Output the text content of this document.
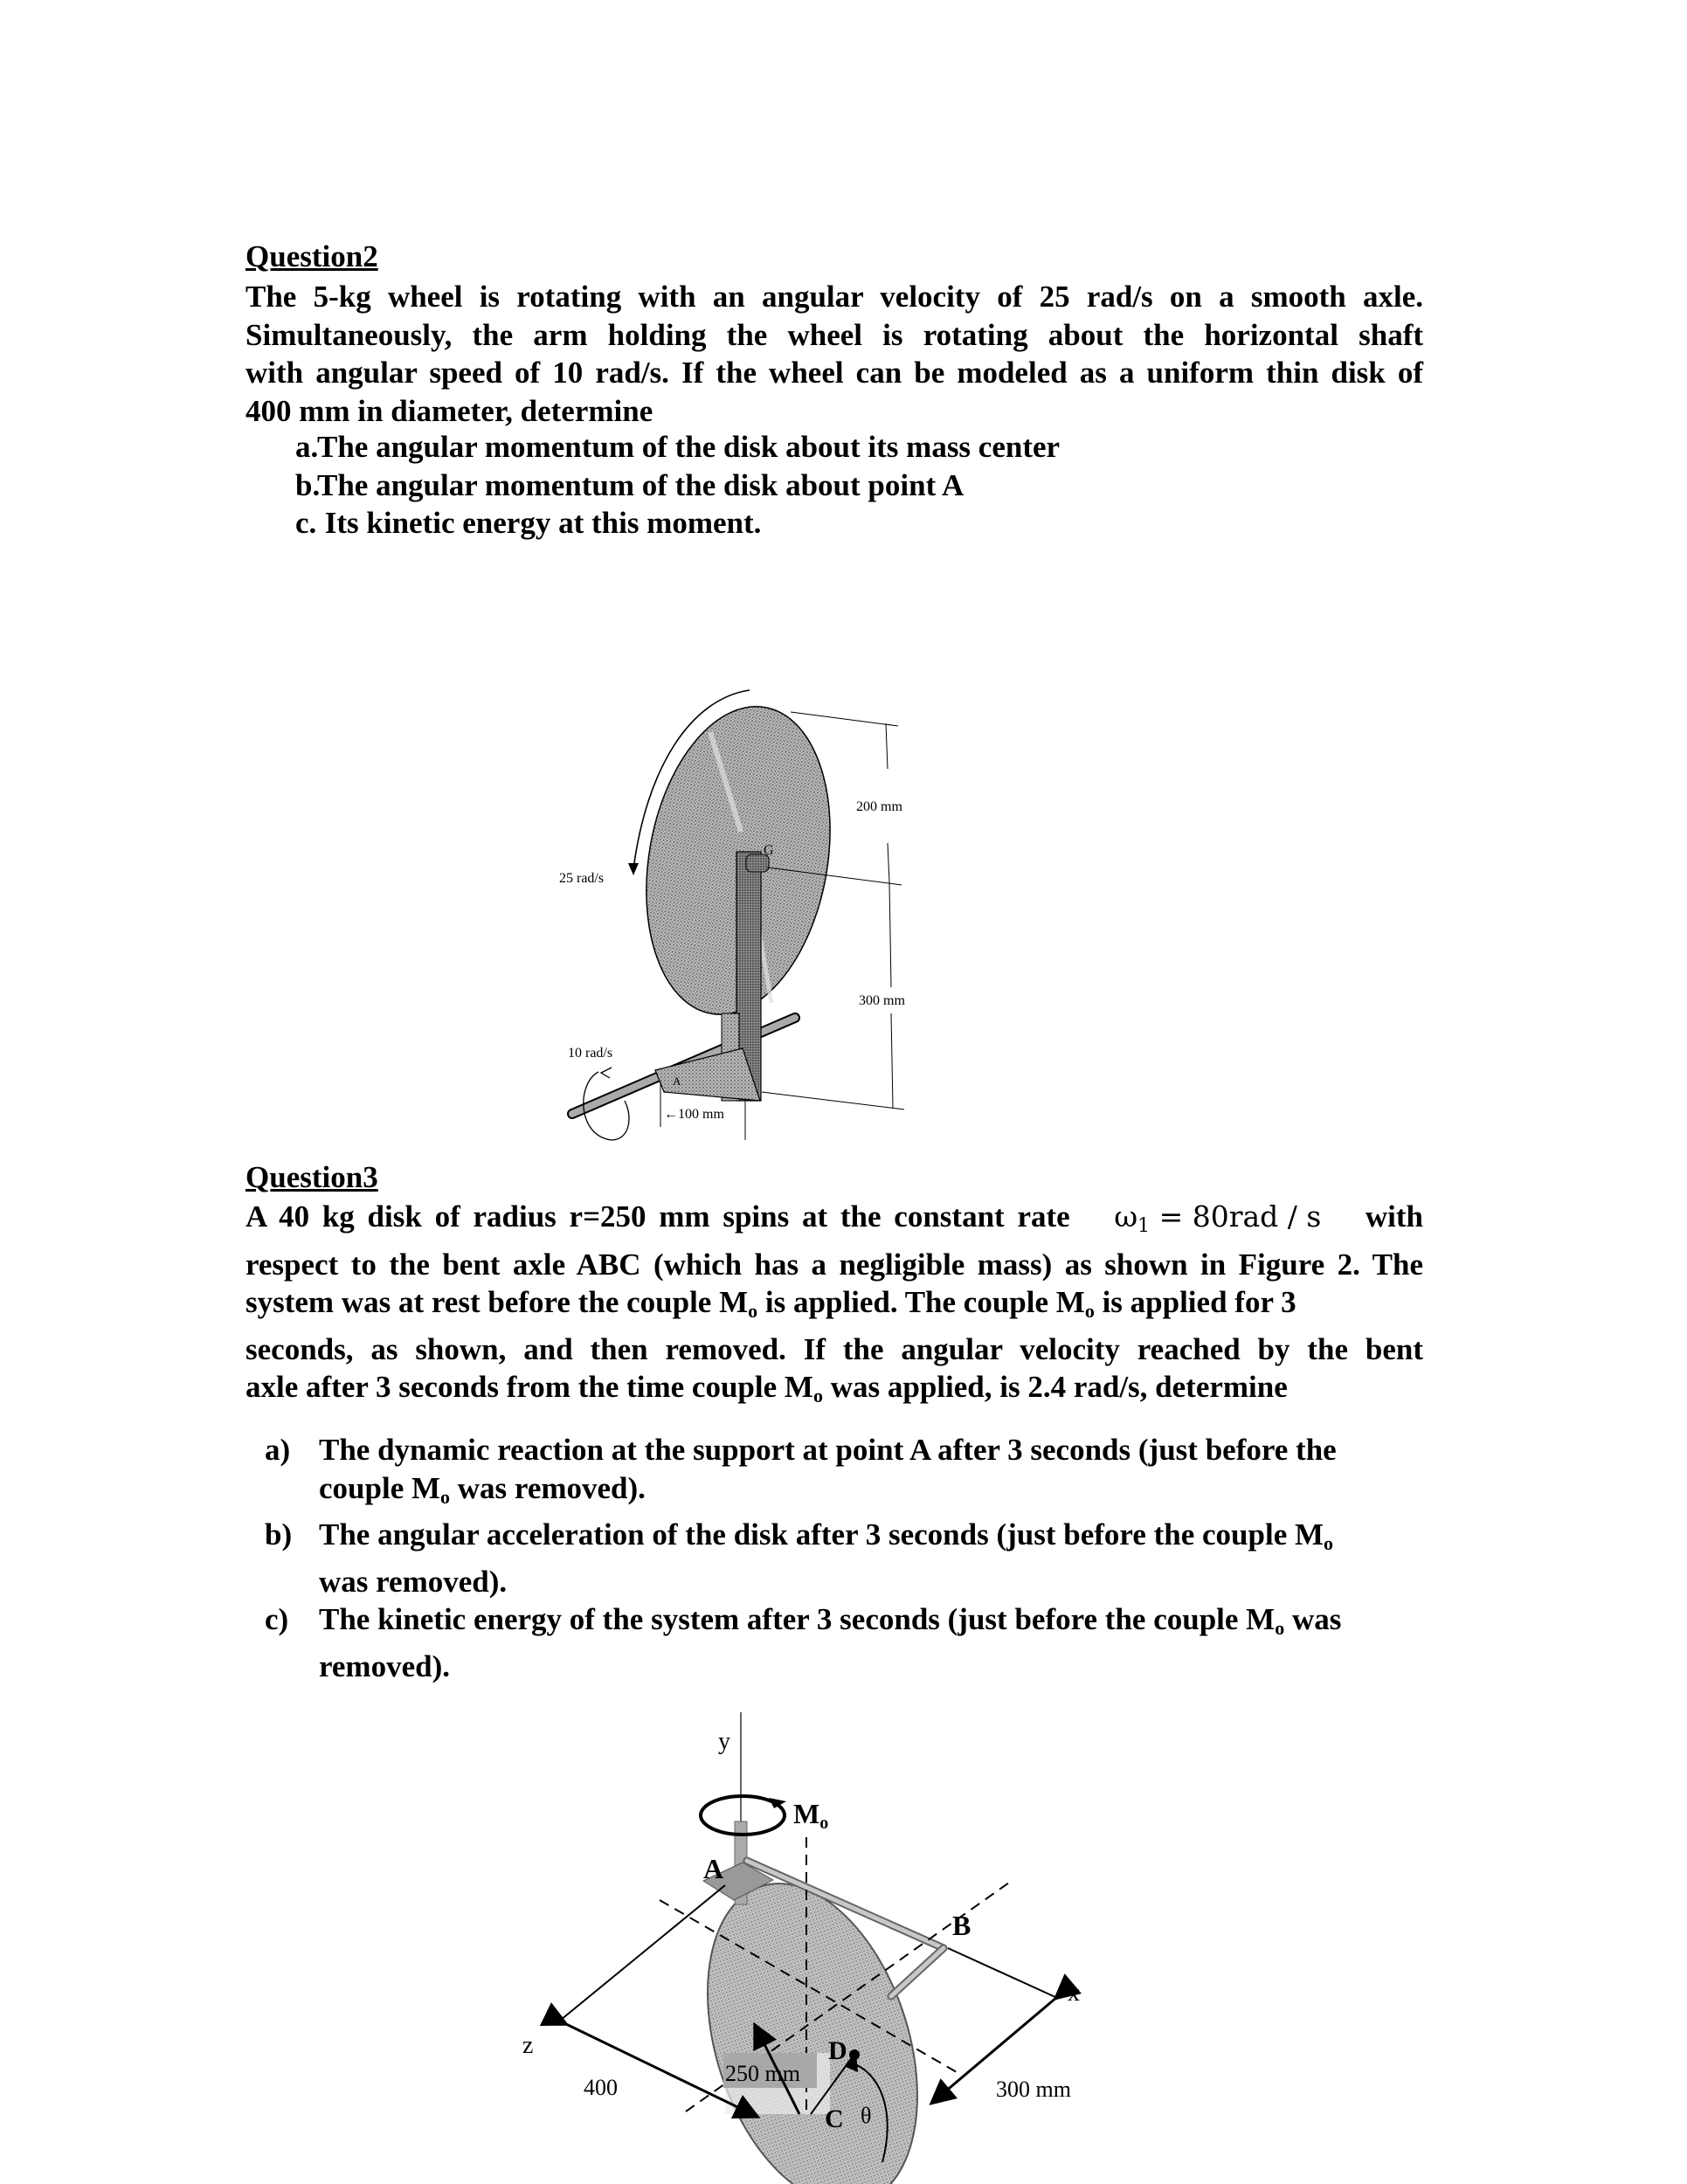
Question2
The 5-kg wheel is rotating with an angular velocity of 25 rad/s on a smooth axle.
Simultaneously, the arm holding the wheel is rotating about the horizontal shaft
with angular speed of 10 rad/s. If the wheel can be modeled as a uniform thin disk of
400 mm in diameter, determine
a.
The angular momentum of the disk about its mass center
b.
The angular momentum of the disk about point A
c. Its kinetic energy at this moment.
G
A
200 mm
300 mm
25 rad/s
10 rad/s
←100 mm
Question3
A 40 kg disk of radius r=250 mm spins at the constant rate $\omega_1 = 80rad / s$ with
respect to the bent axle ABC (which has a negligible mass) as shown in Figure 2. The
system was at rest before the couple $M_o$ is applied. The couple $M_o$ is applied for 3
seconds, as shown, and then removed. If the angular velocity reached by the bent
axle after 3 seconds from the time couple $M_o$ was applied, is 2.4 rad/s, determine
a) The dynamic reaction at the support at point A after 3 seconds (just before the
couple $M_o$ was removed).
b) The angular acceleration of the disk after 3 seconds (just before the couple $M_o$
was removed).
c) The kinetic energy of the system after 3 seconds (just before the couple $M_o$ was
removed).
y
Mo
A
B
z
x
400	300 mm
250 mm
D
θ
C
